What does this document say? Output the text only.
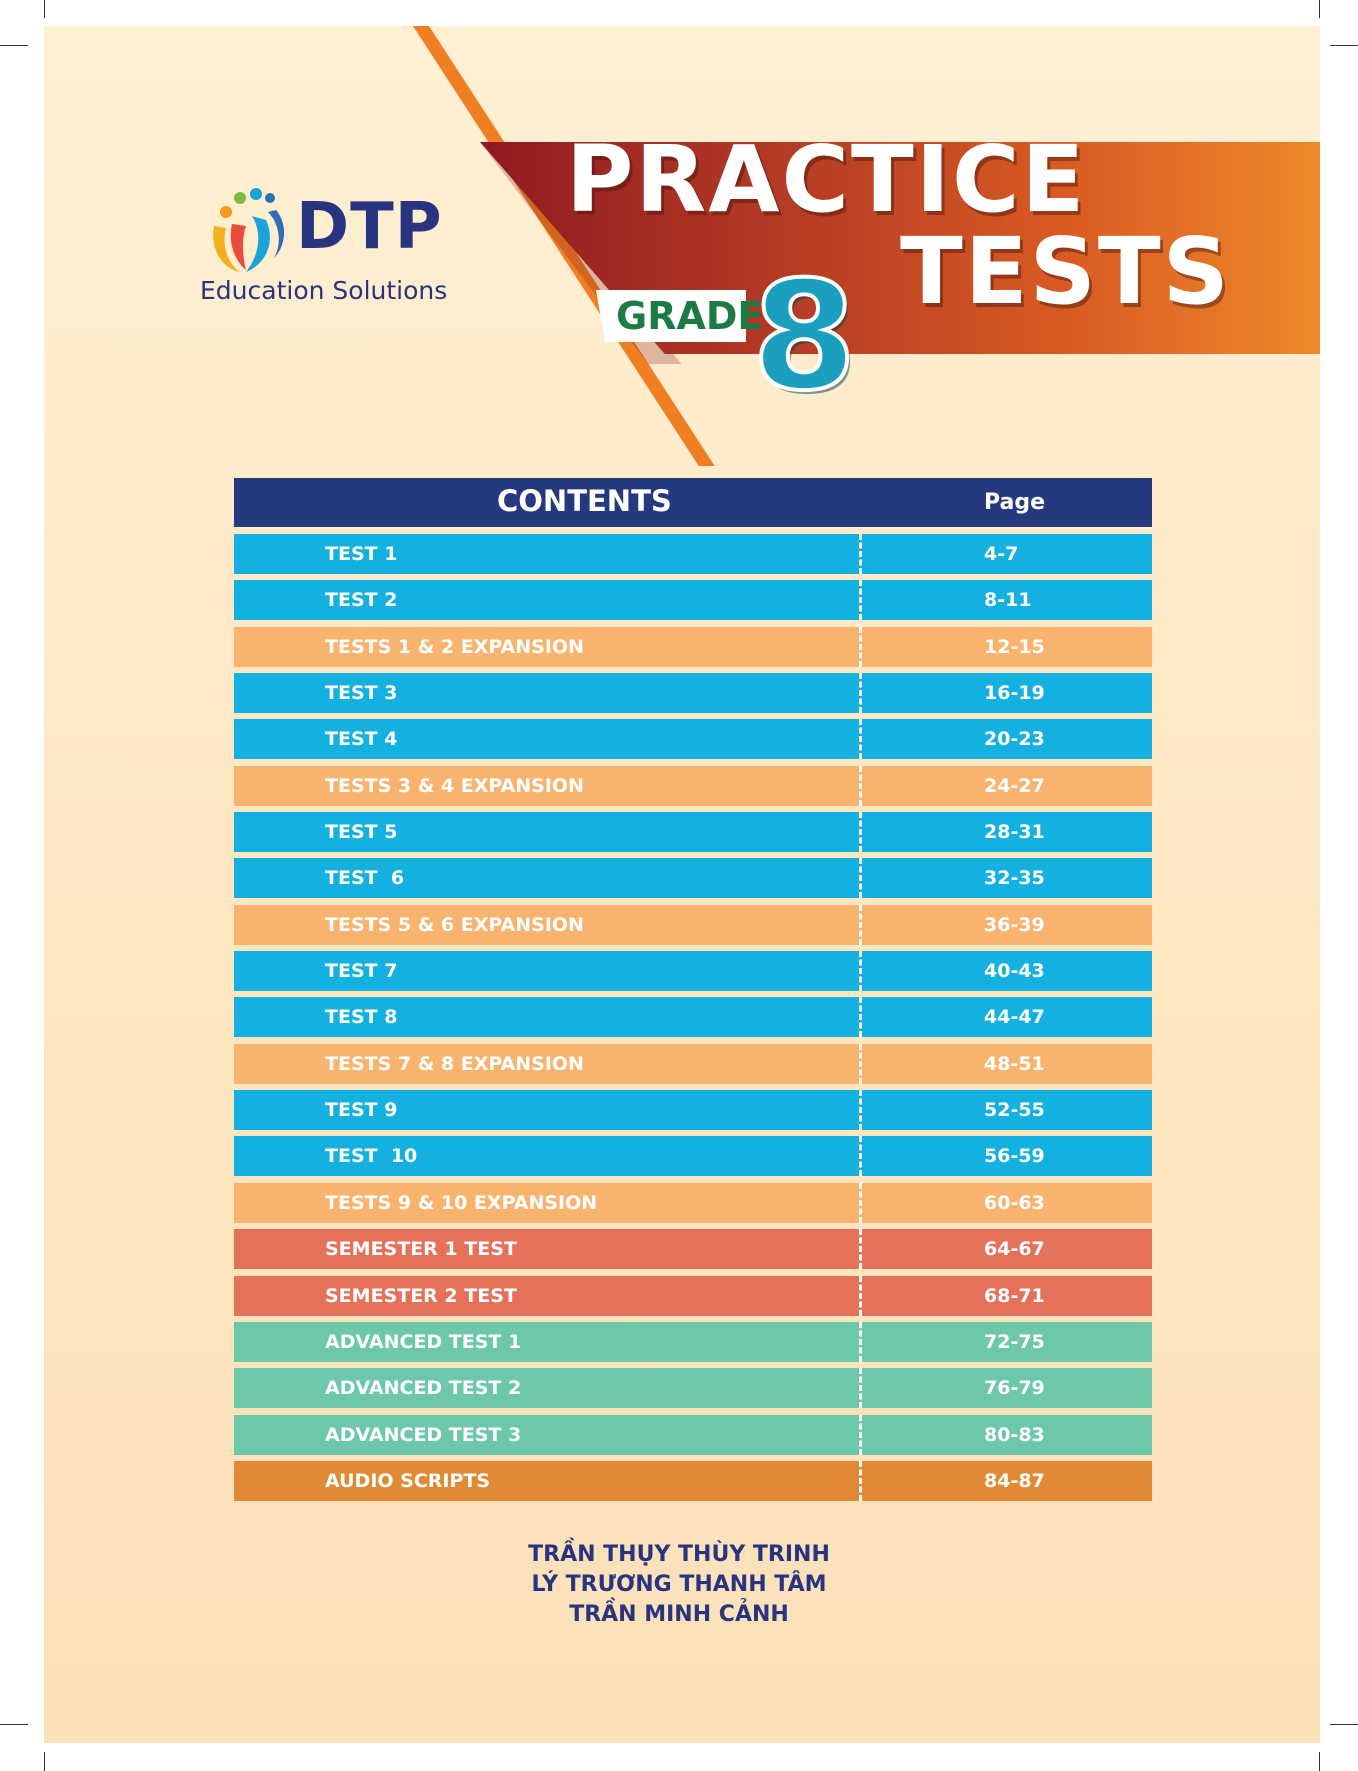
DTP
Education Solutions
PRACTICE
TESTS
GRADE
8
CONTENTS	Page
TEST 1	4-7
TEST 2	8-11
TESTS 1 & 2 EXPANSION	12-15
TEST 3	16-19
TEST 4	20-23
TESTS 3 & 4 EXPANSION	24-27
TEST 5	28-31
TEST  6	32-35
TESTS 5 & 6 EXPANSION	36-39
TEST 7	40-43
TEST 8	44-47
TESTS 7 & 8 EXPANSION	48-51
TEST 9	52-55
TEST  10	56-59
TESTS 9 & 10 EXPANSION	60-63
SEMESTER 1 TEST	64-67
SEMESTER 2 TEST	68-71
ADVANCED TEST 1	72-75
ADVANCED TEST 2	76-79
ADVANCED TEST 3	80-83
AUDIO SCRIPTS	84-87
TRẦN THỤY THÙY TRINH
LÝ TRƯƠNG THANH TÂM
TRẦN MINH CẢNH
